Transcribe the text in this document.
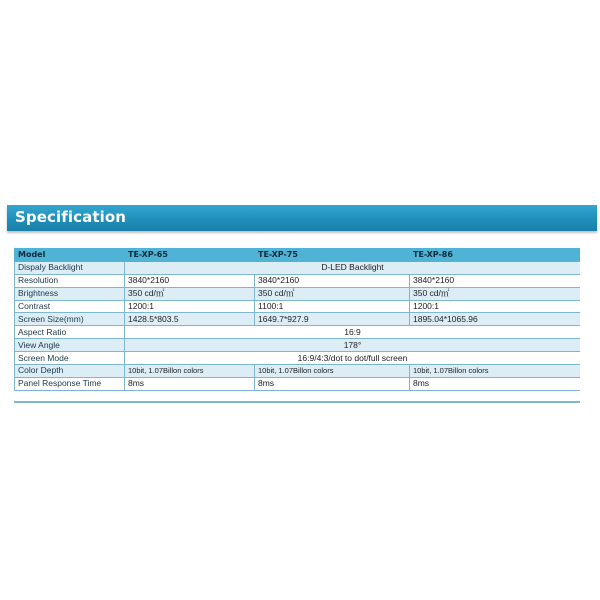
Specification
Model	TE-XP-65	TE-XP-75	TE-XP-86
Dispaly Backlight	D-LED Backlight		
Resolution	3840*2160	3840*2160	3840*2160
Brightness	350 cd/㎡	350 cd/㎡	350 cd/㎡
Contrast	1200:1	1100:1	1200:1
Screen Size(mm)	1428.5*803.5	1649.7*927.9	1895.04*1065.96
Aspect Ratio	16:9		
View Angle	178°		
Screen Mode	16:9/4:3/dot to dot/full screen		
Color Depth	10bit, 1.07Billon colors	10bit, 1.07Billon colors	10bit, 1.07Billon colors
Panel Response Time	8ms	8ms	8ms
